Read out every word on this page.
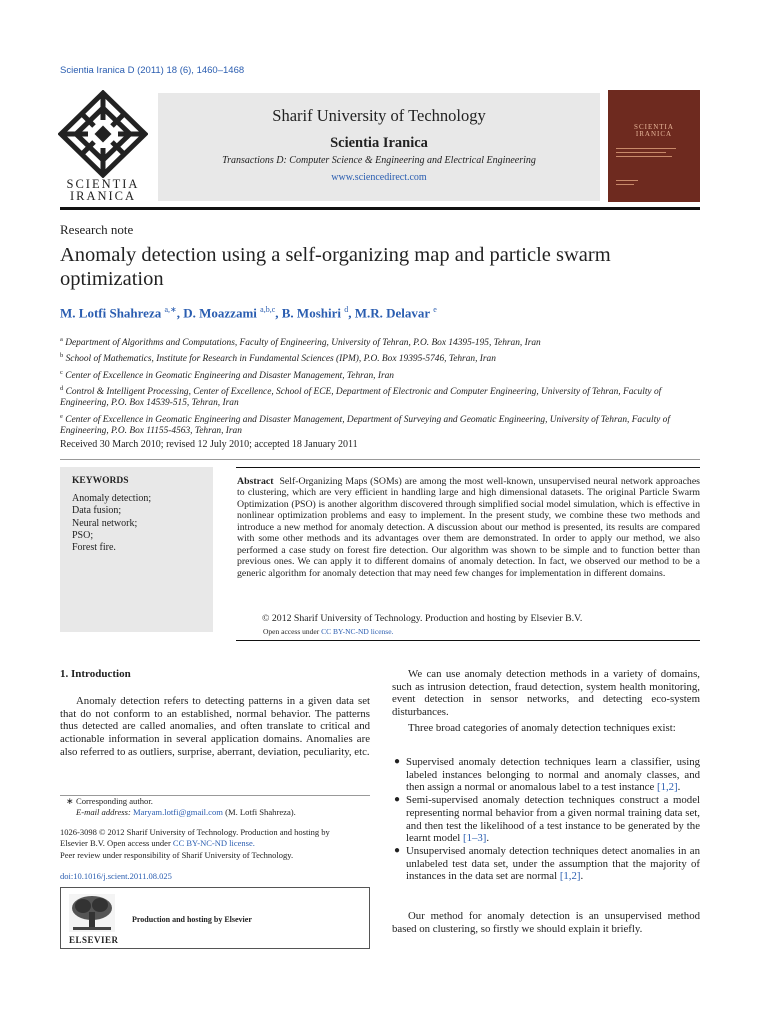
Scientia Iranica D (2011) 18 (6), 1460–1468
SCIENTIA
IRANICA
Sharif University of Technology
Scientia Iranica
Transactions D: Computer Science & Engineering and Electrical Engineering
www.sciencedirect.com
SCIENTIA
IRANICA
Research note
Anomaly detection using a self-organizing map and particle swarm optimization
M. Lotfi Shahreza $^{a,∗}$, D. Moazzami $^{a,b,c}$, B. Moshiri $^d$, M.R. Delavar $^e$
$^a$ Department of Algorithms and Computations, Faculty of Engineering, University of Tehran, P.O. Box 14395-195, Tehran, Iran
$^b$ School of Mathematics, Institute for Research in Fundamental Sciences (IPM), P.O. Box 19395-5746, Tehran, Iran
$^c$ Center of Excellence in Geomatic Engineering and Disaster Management, Tehran, Iran
$^d$ Control & Intelligent Processing, Center of Excellence, School of ECE, Department of Electronic and Computer Engineering, University of Tehran, Faculty of Engineering, P.O. Box 14539-515, Tehran, Iran
$^e$ Center of Excellence in Geomatic Engineering and Disaster Management, Department of Surveying and Geomatic Engineering, University of Tehran, Faculty of Engineering, P.O. Box 11155-4563, Tehran, Iran
Received 30 March 2010; revised 12 July 2010; accepted 18 January 2011
KEYWORDS
Anomaly detection;
Data fusion;
Neural network;
PSO;
Forest fire.
Abstract Self-Organizing Maps (SOMs) are among the most well-known, unsupervised neural network approaches to clustering, which are very efficient in handling large and high dimensional datasets. The original Particle Swarm Optimization (PSO) is another algorithm discovered through simplified social model simulation, which is effective in nonlinear optimization problems and easy to implement. In the present study, we combine these two methods and introduce a new method for anomaly detection. A discussion about our method is presented, its results are compared with some other methods and its advantages over them are demonstrated. In order to apply our method, we also performed a case study on forest fire detection. Our algorithm was shown to be simple and to function better than previous ones. We can apply it to different domains of anomaly detection. In fact, we observed our method to be a generic algorithm for anomaly detection that may need few changes for implementation in different domains.
© 2012 Sharif University of Technology. Production and hosting by Elsevier B.V.
Open access under CC BY-NC-ND license.
1. Introduction
Anomaly detection refers to detecting patterns in a given data set that do not conform to an established, normal behavior. The patterns thus detected are called anomalies, and often translate to critical and actionable information in several application domains. Anomalies are also referred to as outliers, surprise, aberrant, deviation, peculiarity, etc.
∗ Corresponding author.
E-mail address: Maryam.lotfi@gmail.com (M. Lotfi Shahreza).
1026-3098 © 2012 Sharif University of Technology. Production and hosting by
Elsevier B.V. Open access under CC BY-NC-ND license.
Peer review under responsibility of Sharif University of Technology.
doi:10.1016/j.scient.2011.08.025
ELSEVIER
Production and hosting by Elsevier
We can use anomaly detection methods in a variety of domains, such as intrusion detection, fraud detection, system health monitoring, event detection in sensor networks, and detecting eco-system disturbances.
Three broad categories of anomaly detection techniques exist:
● Supervised anomaly detection techniques learn a classifier, using labeled instances belonging to normal and anomaly classes, and then assign a normal or anomalous label to a test instance [1,2].
● Semi-supervised anomaly detection techniques construct a model representing normal behavior from a given normal training data set, and then test the likelihood of a test instance to be generated by the learnt model [1–3].
● Unsupervised anomaly detection techniques detect anomalies in an unlabeled test data set, under the assumption that the majority of instances in the data set are normal [1,2].
Our method for anomaly detection is an unsupervised method based on clustering, so firstly we should explain it briefly.
